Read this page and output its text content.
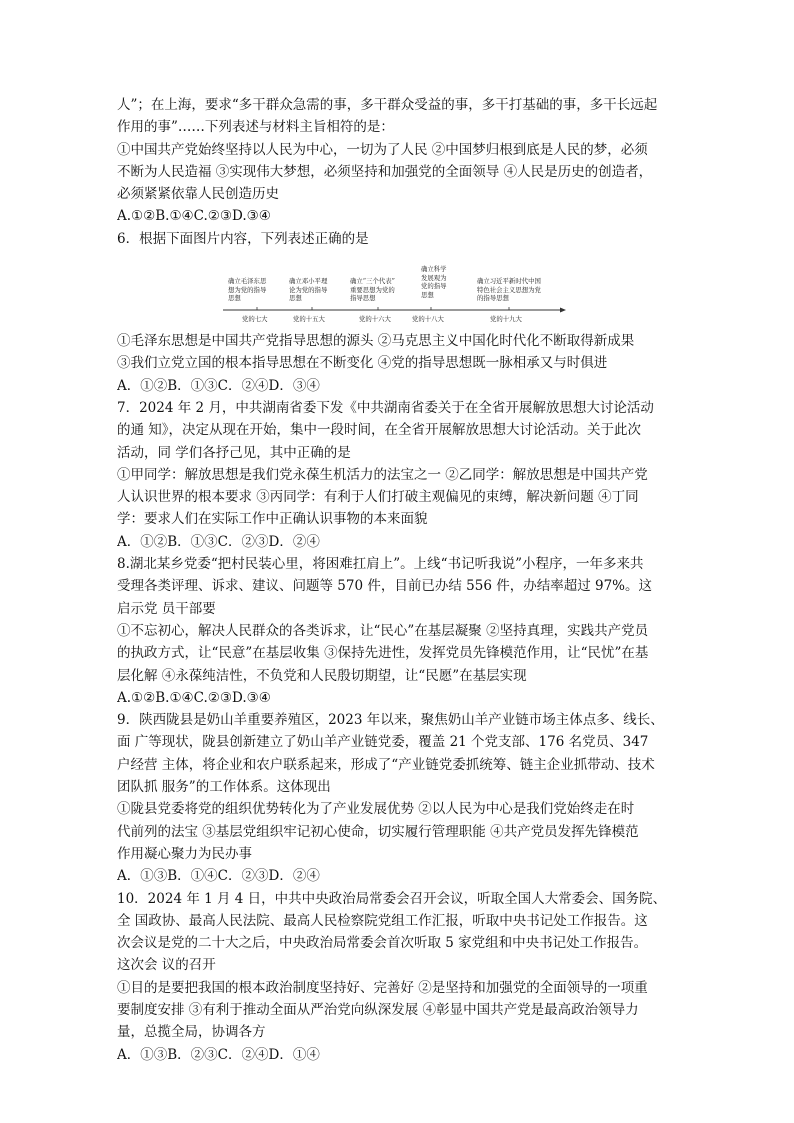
人”；在上海，要求“多干群众急需的事，多干群众受益的事，多干打基础的事，多干长远起
作用的事”……下列表述与材料主旨相符的是：
①中国共产党始终坚持以人民为中心，一切为了人民 ②中国梦归根到底是人民的梦，必须
不断为人民造福 ③实现伟大梦想，必须坚持和加强党的全面领导 ④人民是历史的创造者，
必须紧紧依靠人民创造历史
A.①②B.①④C.②③D.③④
6．根据下面图片内容，下列表述正确的是
确立毛泽东思
想为党的指导
思想
确立邓小平理
论为党的指导
思想
确立“三个代表”
重要思想为党的
指导思想
确立科学
发展观为
党的指导
思想
确立习近平新时代中国
特色社会主义思想为党
的指导思想
党的七大	党的十五大	党的十六大	党的十八大	党的十九大
①毛泽东思想是中国共产党指导思想的源头 ②马克思主义中国化时代化不断取得新成果
③我们立党立国的根本指导思想在不断变化 ④党的指导思想既一脉相承又与时俱进
A．①②B．①③C．②④D．③④
7．2024 年 2 月，中共湖南省委下发《中共湖南省委关于在全省开展解放思想大讨论活动
的通 知》，决定从现在开始，集中一段时间，在全省开展解放思想大讨论活动。关于此次
活动，同 学们各抒己见，其中正确的是
①甲同学：解放思想是我们党永葆生机活力的法宝之一 ②乙同学：解放思想是中国共产党
人认识世界的根本要求 ③丙同学：有利于人们打破主观偏见的束缚，解决新问题 ④丁同
学：要求人们在实际工作中正确认识事物的本来面貌
A．①②B．①③C．②③D．②④
8.湖北某乡党委“把村民装心里，将困难扛肩上”。上线“书记听我说”小程序，一年多来共
受理各类评理、诉求、建议、问题等 570 件，目前已办结 556 件，办结率超过 97%。这
启示党 员干部要
①不忘初心，解决人民群众的各类诉求，让“民心”在基层凝聚 ②坚持真理，实践共产党员
的执政方式，让“民意”在基层收集 ③保持先进性，发挥党员先锋模范作用，让“民忧”在基
层化解 ④永葆纯洁性，不负党和人民殷切期望，让“民愿”在基层实现
A.①②B.①④C.②③D.③④
9．陕西陇县是奶山羊重要养殖区，2023 年以来，聚焦奶山羊产业链市场主体点多、线长、
面 广等现状，陇县创新建立了奶山羊产业链党委，覆盖 21 个党支部、176 名党员、347
户经营 主体，将企业和农户联系起来，形成了“产业链党委抓统筹、链主企业抓带动、技术
团队抓 服务”的工作体系。这体现出
①陇县党委将党的组织优势转化为了产业发展优势 ②以人民为中心是我们党始终走在时
代前列的法宝 ③基层党组织牢记初心使命，切实履行管理职能 ④共产党员发挥先锋模范
作用凝心聚力为民办事
A．①③B．①④C．②③D．②④
10．2024 年 1 月 4 日，中共中央政治局常委会召开会议，听取全国人大常委会、国务院、
全 国政协、最高人民法院、最高人民检察院党组工作汇报，听取中央书记处工作报告。这
次会议是党的二十大之后，中央政治局常委会首次听取 5 家党组和中央书记处工作报告。
这次会 议的召开
①目的是要把我国的根本政治制度坚持好、完善好 ②是坚持和加强党的全面领导的一项重
要制度安排 ③有利于推动全面从严治党向纵深发展 ④彰显中国共产党是最高政治领导力
量，总揽全局，协调各方
A．①③B．②③C．②④D．①④
